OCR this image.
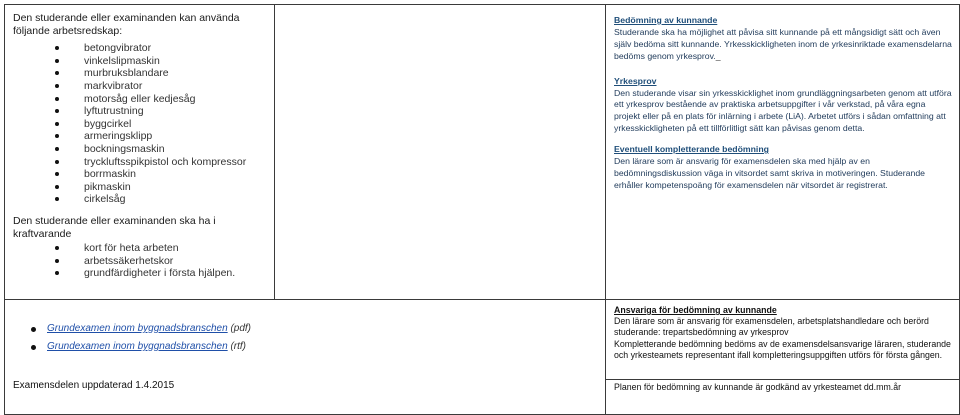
Den studerande eller examinanden kan använda följande arbetsredskap:

betongvibrator
vinkelslipmaskin
murbruksblandare
markvibrator
motorsåg eller kedjesåg
lyftutrustning
byggcirkel
armeringsklipp
bockningsmaskin
tryckluftsspikpistol och kompressor
borrmaskin
pikmaskin
cirkelsåg

Den studerande eller examinanden ska ha i kraftvarande

kort för heta arbeten
arbetssäkerhetskor
grundfärdigheter i första hjälpen.
Bedömning av kunnande

Studerande ska ha möjlighet att påvisa sitt kunnande på ett mångsidigt sätt och även själv bedöma sitt kunnande. Yrkesskickligheten inom de yrkesinriktade examensdelarna bedöms genom yrkesprov._

Yrkesprov

Den studerande visar sin yrkesskicklighet inom grundläggningsarbeten genom att utföra ett yrkesprov bestående av praktiska arbetsuppgifter i vår verkstad, på våra egna projekt eller på en plats för inlärning i arbete (LiA). Arbetet utförs i sådan omfattning att yrkesskickligheten på ett tillförlitligt sätt kan påvisas genom detta.

Eventuell kompletterande bedömning

Den lärare som är ansvarig för examensdelen ska med hjälp av en bedömningsdiskussion väga in vitsordet samt skriva in motiveringen. Studerande erhåller kompetenspoäng för examensdelen när vitsordet är registrerat.

Grundexamen inom byggnadsbranschen (pdf)
Grundexamen inom byggnadsbranschen (rtf)
Examensdelen uppdaterad 1.4.2015
Ansvariga för bedömning av kunnande

Den lärare som är ansvarig för examensdelen, arbetsplatshandledare och berörd studerande: trepartsbedömning av yrkesprov

Kompletterande bedömning bedöms av de examensdelsansvarige läraren, studerande och yrkesteamets representant ifall kompletteringsuppgiften utförs för första gången.

Planen för bedömning av kunnande är godkänd av yrkesteamet dd.mm.år
